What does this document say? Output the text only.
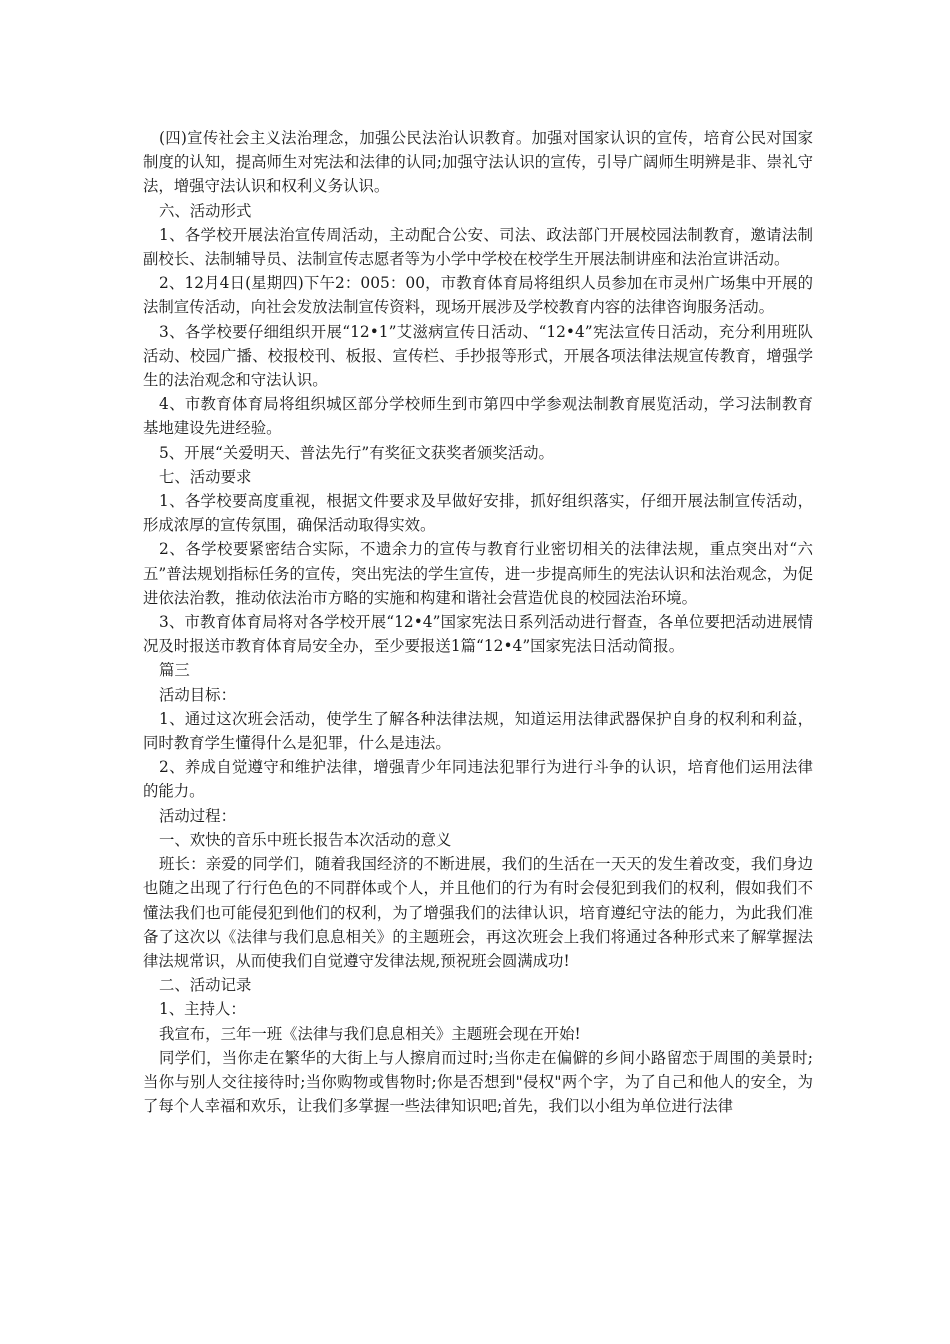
(四)宣传社会主义法治理念，加强公民法治认识教育。加强对国家认识的宣传，培育公民对国家制度的认知，提高师生对宪法和法律的认同;加强守法认识的宣传，引导广阔师生明辨是非、崇礼守法，增强守法认识和权利义务认识。

六、活动形式

1、各学校开展法治宣传周活动，主动配合公安、司法、政法部门开展校园法制教育，邀请法制副校长、法制辅导员、法制宣传志愿者等为小学中学校在校学生开展法制讲座和法治宣讲活动。

2、12月4日(星期四)下午2：005：00，市教育体育局将组织人员参加在市灵州广场集中开展的法制宣传活动，向社会发放法制宣传资料，现场开展涉及学校教育内容的法律咨询服务活动。

3、各学校要仔细组织开展“12•1”艾滋病宣传日活动、“12•4”宪法宣传日活动，充分利用班队活动、校园广播、校报校刊、板报、宣传栏、手抄报等形式，开展各项法律法规宣传教育，增强学生的法治观念和守法认识。

4、市教育体育局将组织城区部分学校师生到市第四中学参观法制教育展览活动，学习法制教育基地建设先进经验。

5、开展“关爱明天、普法先行”有奖征文获奖者颁奖活动。

七、活动要求

1、各学校要高度重视，根据文件要求及早做好安排，抓好组织落实，仔细开展法制宣传活动，形成浓厚的宣传氛围，确保活动取得实效。

2、各学校要紧密结合实际，不遗余力的宣传与教育行业密切相关的法律法规，重点突出对“六五”普法规划指标任务的宣传，突出宪法的学生宣传，进一步提高师生的宪法认识和法治观念，为促进依法治教，推动依法治市方略的实施和构建和谐社会营造优良的校园法治环境。

3、市教育体育局将对各学校开展“12•4”国家宪法日系列活动进行督查，各单位要把活动进展情况及时报送市教育体育局安全办，至少要报送1篇“12•4”国家宪法日活动简报。

篇三

活动目标：

1、通过这次班会活动，使学生了解各种法律法规，知道运用法律武器保护自身的权利和利益，同时教育学生懂得什么是犯罪，什么是违法。

2、养成自觉遵守和维护法律，增强青少年同违法犯罪行为进行斗争的认识，培育他们运用法律的能力。

活动过程：

一、欢快的音乐中班长报告本次活动的意义

班长：亲爱的同学们，随着我国经济的不断进展，我们的生活在一天天的发生着改变，我们身边也随之出现了行行色色的不同群体或个人，并且他们的行为有时会侵犯到我们的权利，假如我们不懂法我们也可能侵犯到他们的权利，为了增强我们的法律认识，培育遵纪守法的能力，为此我们准备了这次以《法律与我们息息相关》的主题班会，再这次班会上我们将通过各种形式来了解掌握法律法规常识，从而使我们自觉遵守发律法规,预祝班会圆满成功!

二、活动记录

1、主持人：

我宣布，三年一班《法律与我们息息相关》主题班会现在开始!

同学们，当你走在繁华的大街上与人擦肩而过时;当你走在偏僻的乡间小路留恋于周围的美景时;当你与别人交往接待时;当你购物或售物时;你是否想到"侵权"两个字，为了自己和他人的安全，为了每个人幸福和欢乐，让我们多掌握一些法律知识吧;首先，我们以小组为单位进行法律
